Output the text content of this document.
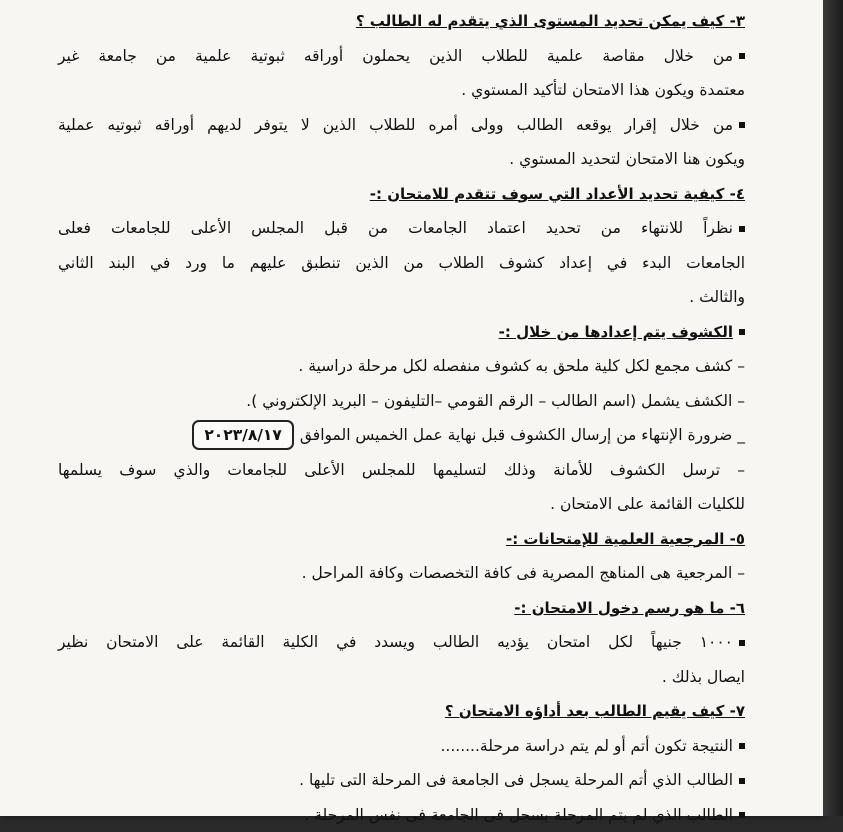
٣- كيف يمكن تحديد المستوى الذي يتقدم له الطالب ؟
من خلال مقاصة علمية للطلاب الذين يحملون أوراقه ثبوتية علمية من جامعة غير
معتمدة ويكون هذا الامتحان لتأكيد المستوي .
من خلال إقرار يوقعه الطالب وولى أمره للطلاب الذين لا يتوفر لديهم أوراقه ثبوتيه عملية
ويكون هنا الامتحان لتحديد المستوي .
٤- كيفية تحديد الأعداد التي سوف تتقدم للامتحان :-
نظراً للانتهاء من تحديد اعتماد الجامعات من قبل المجلس الأعلى للجامعات فعلى
الجامعات البدء في إعداد كشوف الطلاب من الذين تنطبق عليهم ما ورد في البند الثاني
والثالث .
الكشوف يتم إعدادها من خلال :-
– كشف مجمع لكل كلية ملحق به كشوف منفصله لكل مرحلة دراسية .
– الكشف يشمل (اسم الطالب – الرقم القومي –التليفون – البريد الإلكتروني ).
_ ضرورة الإنتهاء من إرسال الكشوف قبل نهاية عمل الخميس الموافق٢٠٢٣/٨/١٧
– ترسل الكشوف للأمانة وذلك لتسليمها للمجلس الأعلى للجامعات والذي سوف يسلمها
للكليات القائمة على الامتحان .
٥- المرجعية العلمية للإمتحانات :-
– المرجعية هى المناهج المصرية فى كافة التخصصات وكافة المراحل .
٦- ما هو رسم دخول الامتحان :-
١٠٠٠ جنيهاً لكل امتحان يؤديه الطالب ويسدد في الكلية القائمة على الامتحان نظير
ايصال بذلك .
٧- كيف يقيم الطالب بعد أداؤه الامتحان ؟
النتيجة تكون أتم أو لم يتم دراسة مرحلة........
الطالب الذي أتم المرحلة يسجل فى الجامعة فى المرحلة التى تليها .
الطالب الذي لم يتم المرحلة يسجل فى الجامعة فى نفس المرحلة .
